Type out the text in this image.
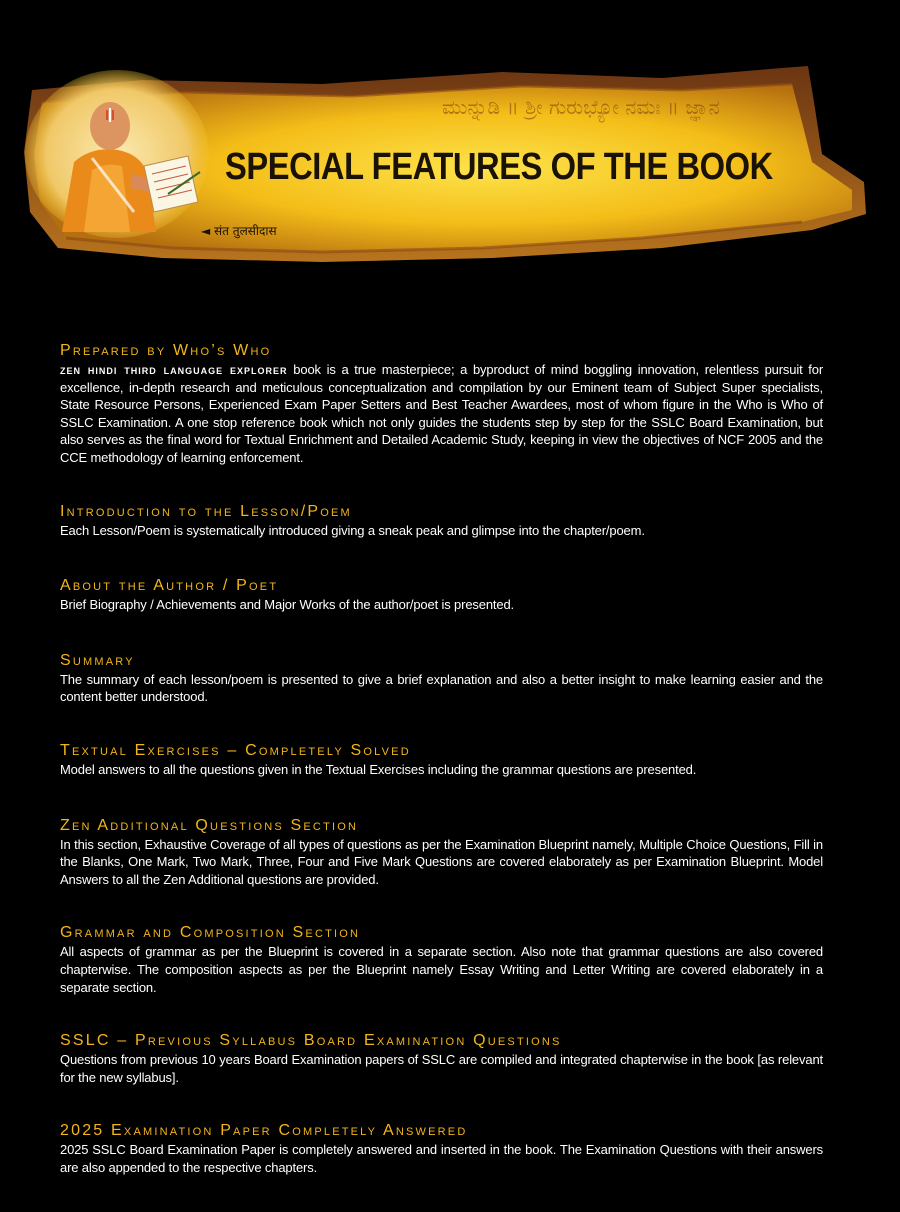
ಮುನ್ನುಡಿ ॥ ಶ್ರೀ ಗುರುಭ್ಯೋ ನಮಃ ॥ ಜ್ಞಾನ
SPECIAL FEATURES OF THE BOOK
◄ संत तुलसीदास
Prepared by Who’s Who
zen hindi third language explorer book is a true masterpiece; a byproduct of mind boggling innovation, relentless pursuit for excellence, in-depth research and meticulous conceptualization and compilation by our Eminent team of Subject Super specialists, State Resource Persons, Experienced Exam Paper Setters and Best Teacher Awardees, most of whom figure in the Who is Who of SSLC Examination. A one stop reference book which not only guides the students step by step for the SSLC Board Examination, but also serves as the final word for Textual Enrichment and Detailed Academic Study, keeping in view the objectives of NCF 2005 and the CCE methodology of learning enforcement.
Introduction to the Lesson/Poem
Each Lesson/Poem is systematically introduced giving a sneak peak and glimpse into the chapter/poem.
About the Author / Poet
Brief Biography / Achievements and Major Works of the author/poet is presented.
Summary
The summary of each lesson/poem is presented to give a brief explanation and also a better insight to make learning easier and the content better understood.
Textual Exercises – Completely Solved
Model answers to all the questions given in the Textual Exercises including the grammar questions are presented.
Zen Additional Questions Section
In this section, Exhaustive Coverage of all types of questions as per the Examination Blueprint namely, Multiple Choice Questions, Fill in the Blanks, One Mark, Two Mark, Three, Four and Five Mark Questions are covered elaborately as per Examination Blueprint. Model Answers to all the Zen Additional questions are provided.
Grammar and Composition Section
All aspects of grammar as per the Blueprint is covered in a separate section. Also note that grammar questions are also covered chapterwise. The composition aspects as per the Blueprint namely Essay Writing and Letter Writing are covered elaborately in a separate section.
SSLC – Previous Syllabus Board Examination Questions
Questions from previous 10 years Board Examination papers of SSLC are compiled and integrated chapterwise in the book [as relevant for the new syllabus].
2025 Examination Paper Completely Answered
2025 SSLC Board Examination Paper is completely answered and inserted in the book. The Examination Questions with their answers are also appended to the respective chapters.
